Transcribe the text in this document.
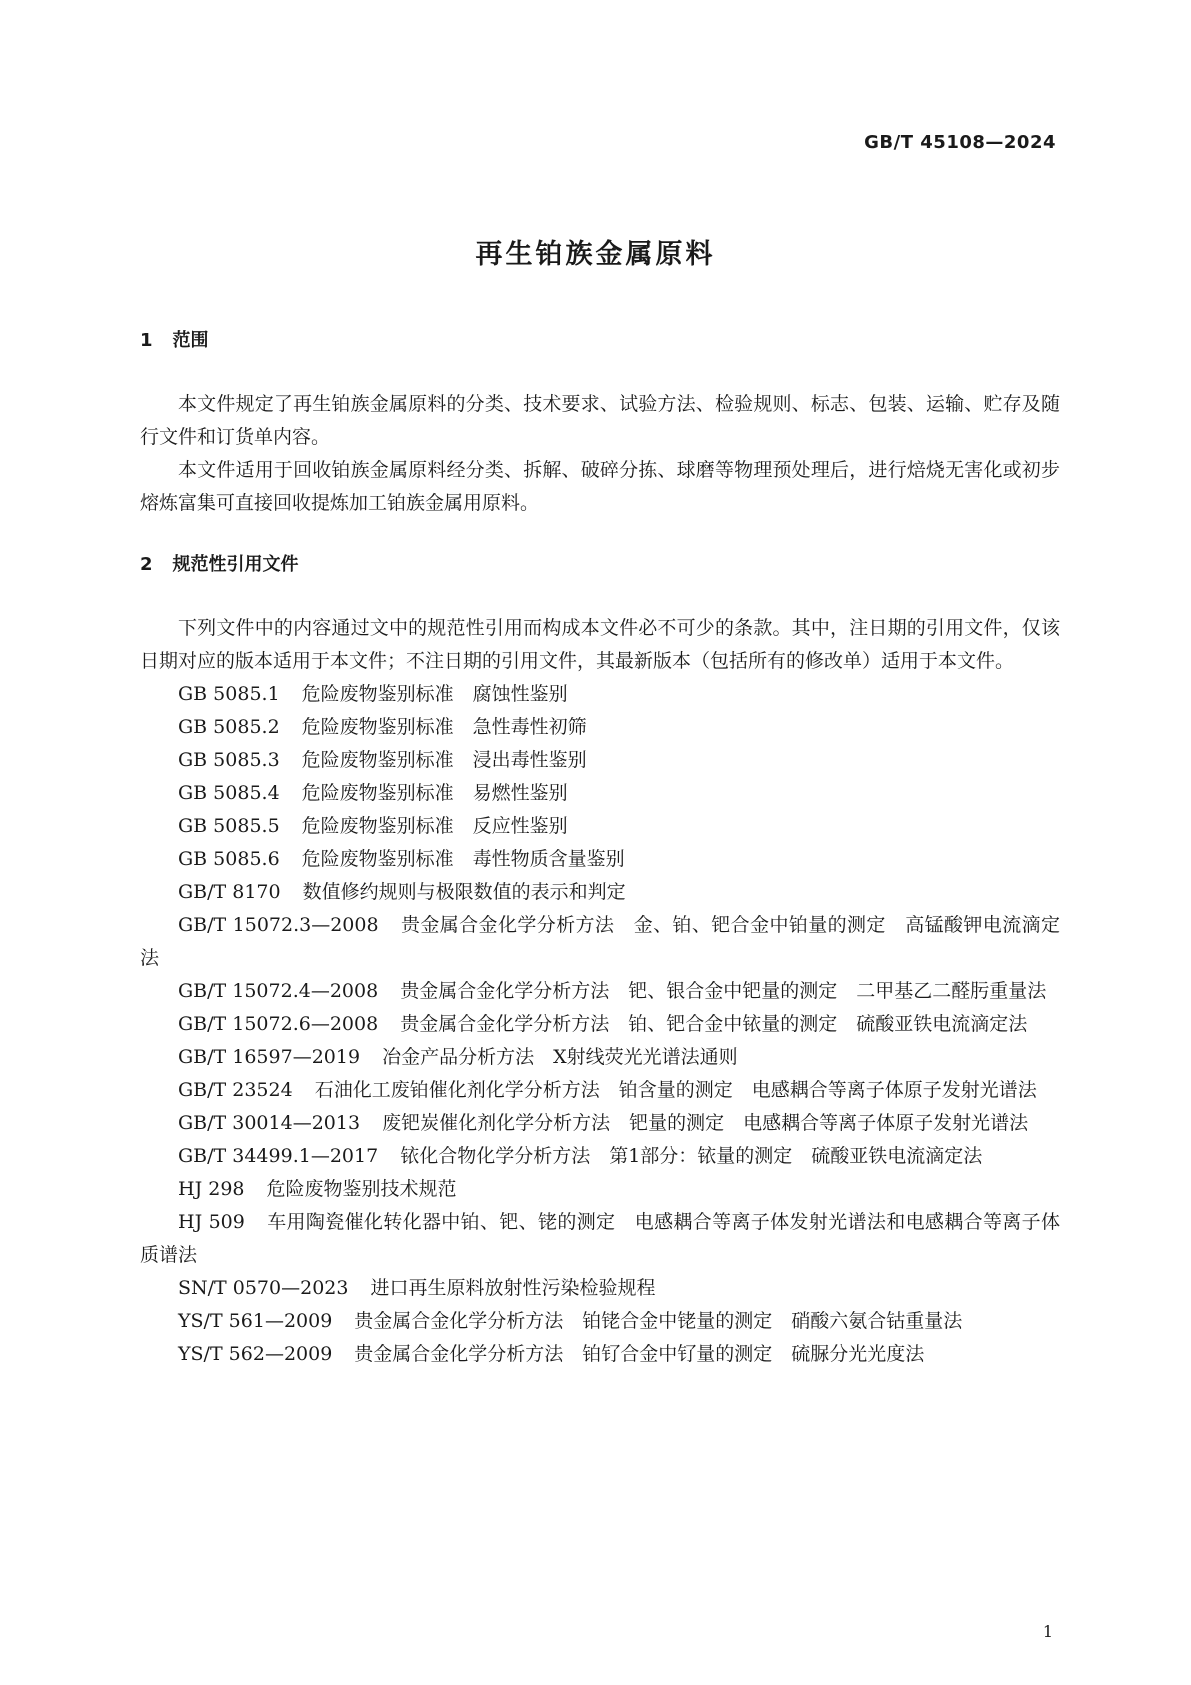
GB/T 45108—2024
再生铂族金属原料
1 范围

本文件规定了再生铂族金属原料的分类、技术要求、试验方法、检验规则、标志、包装、运输、贮存及随行文件和订货单内容。

本文件适用于回收铂族金属原料经分类、拆解、破碎分拣、球磨等物理预处理后，进行焙烧无害化或初步熔炼富集可直接回收提炼加工铂族金属用原料。

2 规范性引用文件

下列文件中的内容通过文中的规范性引用而构成本文件必不可少的条款。其中，注日期的引用文件，仅该日期对应的版本适用于本文件；不注日期的引用文件，其最新版本（包括所有的修改单）适用于本文件。

GB 5085.1 危险废物鉴别标准　腐蚀性鉴别
GB 5085.2 危险废物鉴别标准　急性毒性初筛
GB 5085.3 危险废物鉴别标准　浸出毒性鉴别
GB 5085.4 危险废物鉴别标准　易燃性鉴别
GB 5085.5 危险废物鉴别标准　反应性鉴别
GB 5085.6 危险废物鉴别标准　毒性物质含量鉴别
GB/T 8170 数值修约规则与极限数值的表示和判定
GB/T 15072.3—2008 贵金属合金化学分析方法　金、铂、钯合金中铂量的测定　高锰酸钾电流滴定法
GB/T 15072.4—2008 贵金属合金化学分析方法　钯、银合金中钯量的测定　二甲基乙二醛肟重量法
GB/T 15072.6—2008 贵金属合金化学分析方法　铂、钯合金中铱量的测定　硫酸亚铁电流滴定法
GB/T 16597—2019 冶金产品分析方法　X射线荧光光谱法通则
GB/T 23524 石油化工废铂催化剂化学分析方法　铂含量的测定　电感耦合等离子体原子发射光谱法
GB/T 30014—2013 废钯炭催化剂化学分析方法　钯量的测定　电感耦合等离子体原子发射光谱法
GB/T 34499.1—2017 铱化合物化学分析方法　第1部分：铱量的测定　硫酸亚铁电流滴定法
HJ 298 危险废物鉴别技术规范
HJ 509 车用陶瓷催化转化器中铂、钯、铑的测定　电感耦合等离子体发射光谱法和电感耦合等离子体质谱法
SN/T 0570—2023 进口再生原料放射性污染检验规程
YS/T 561—2009 贵金属合金化学分析方法　铂铑合金中铑量的测定　硝酸六氨合钴重量法
YS/T 562—2009 贵金属合金化学分析方法　铂钌合金中钌量的测定　硫脲分光光度法
1
